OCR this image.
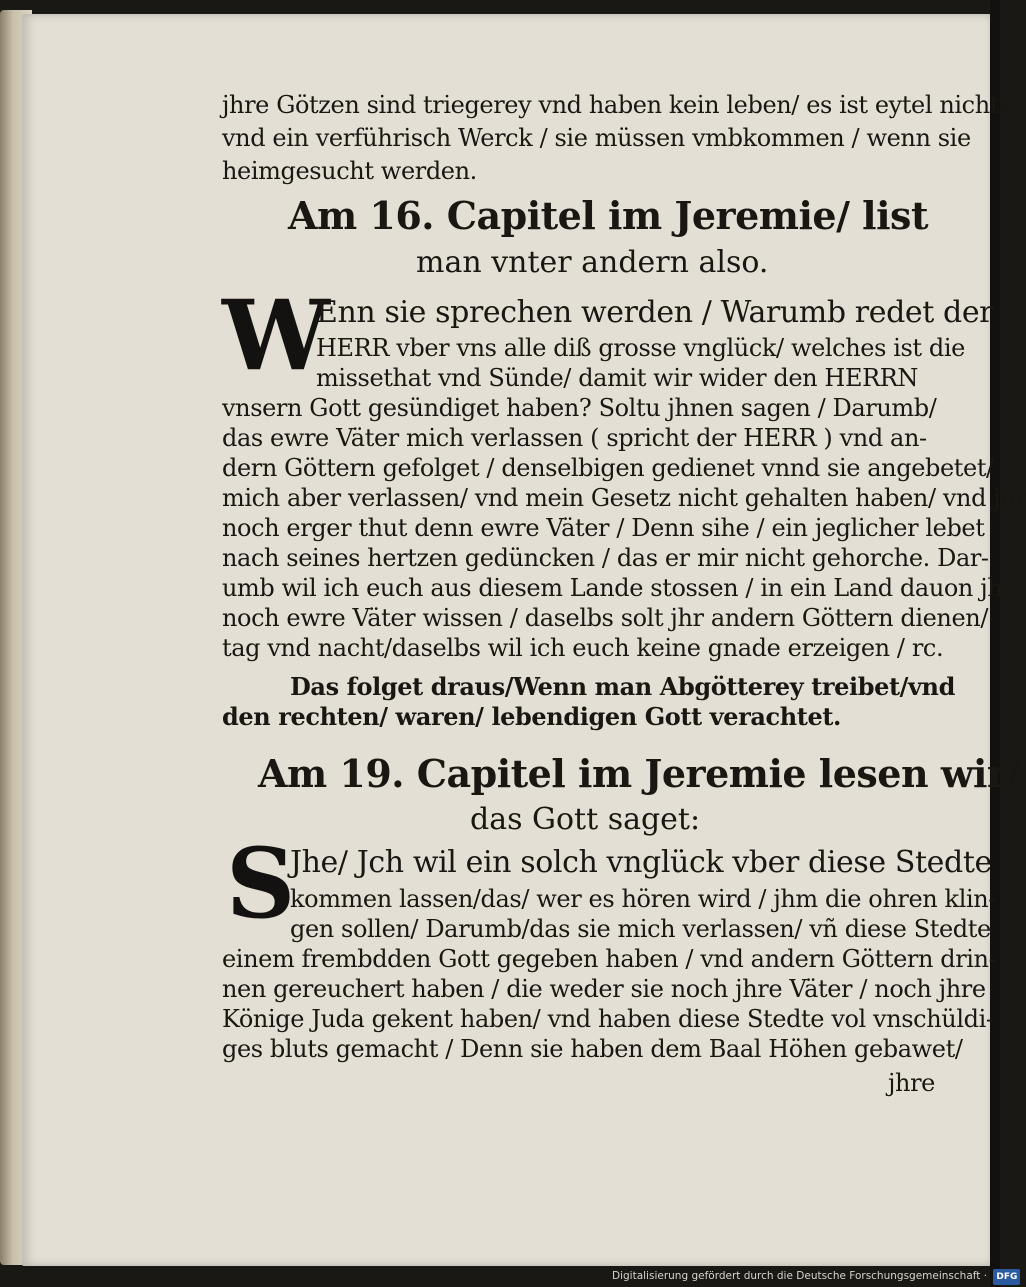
jhre Götzen sind triegerey vnd haben kein leben/ es ist eytel nichts/
vnd ein verführisch Werck / sie müssen vmbkommen / wenn sie
heimgesucht werden.
Am 16. Capitel im Jeremie/ list
man vnter andern also.
W
Enn sie sprechen werden / Warumb redet der
HERR vber vns alle diß grosse vnglück/ welches ist die
missethat vnd Sünde/ damit wir wider den HERRN
vnsern Gott gesündiget haben? Soltu jhnen sagen / Darumb/
das ewre Väter mich verlassen ( spricht der HERR ) vnd an-
dern Göttern gefolget / denselbigen gedienet vnnd sie angebetet/
mich aber verlassen/ vnd mein Gesetz nicht gehalten haben/ vnd jhr
noch erger thut denn ewre Väter / Denn sihe / ein jeglicher lebet
nach seines hertzen gedüncken / das er mir nicht gehorche. Dar-
umb wil ich euch aus diesem Lande stossen / in ein Land dauon jhr
noch ewre Väter wissen / daselbs solt jhr andern Göttern dienen/
tag vnd nacht/daselbs wil ich euch keine gnade erzeigen / rc.
Das folget draus/Wenn man Abgötterey treibet/vnd
den rechten/ waren/ lebendigen Gott verachtet.
Am 19. Capitel im Jeremie lesen wir/
das Gott saget:
S
Jhe/ Jch wil ein solch vnglück vber diese Stedte
kommen lassen/das/ wer es hören wird / jhm die ohren klin-
gen sollen/ Darumb/das sie mich verlassen/ vñ diese Stedte
einem frembdden Gott gegeben haben / vnd andern Göttern drin-
nen gereuchert haben / die weder sie noch jhre Väter / noch jhre
Könige Juda gekent haben/ vnd haben diese Stedte vol vnschüldi-
ges bluts gemacht / Denn sie haben dem Baal Höhen gebawet/
jhre
Digitalisierung gefördert durch die Deutsche Forschungsgemeinschaft · DFG
